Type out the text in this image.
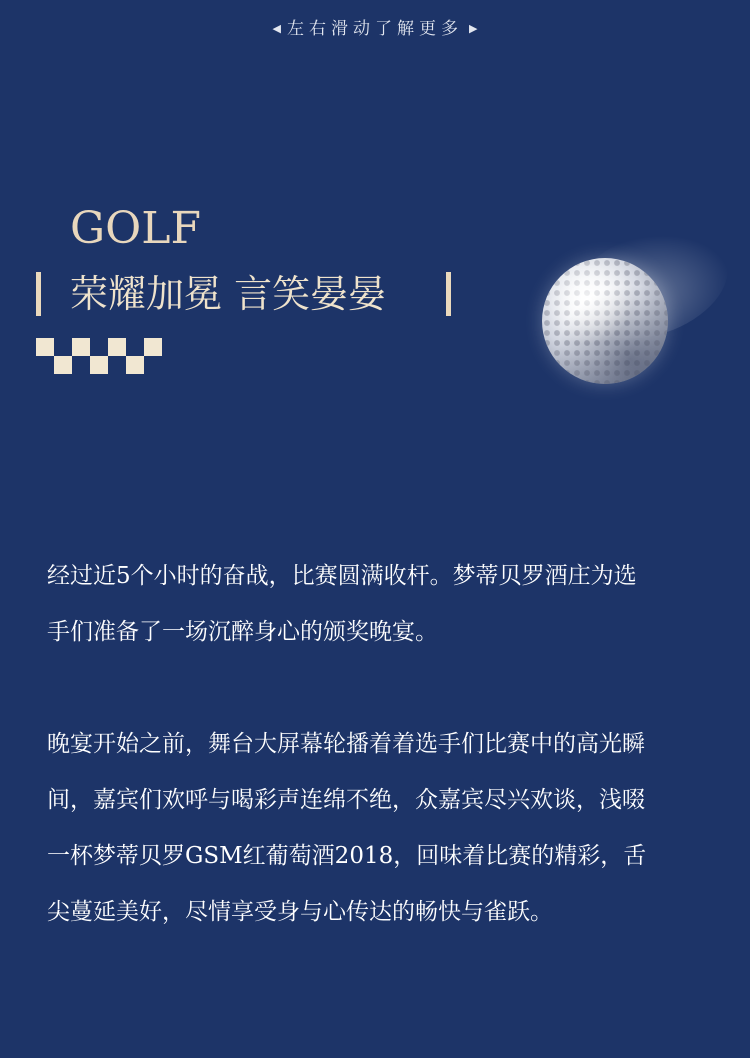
◀ 左右滑动了解更多 ▶
GOLF
荣耀加冕 言笑晏晏
经过近5个小时的奋战，比赛圆满收杆。梦蒂贝罗酒庄为选
手们准备了一场沉醉身心的颁奖晚宴。
晚宴开始之前，舞台大屏幕轮播着着选手们比赛中的高光瞬
间，嘉宾们欢呼与喝彩声连绵不绝，众嘉宾尽兴欢谈，浅啜
一杯梦蒂贝罗GSM红葡萄酒2018，回味着比赛的精彩，舌
尖蔓延美好，尽情享受身与心传达的畅快与雀跃。
